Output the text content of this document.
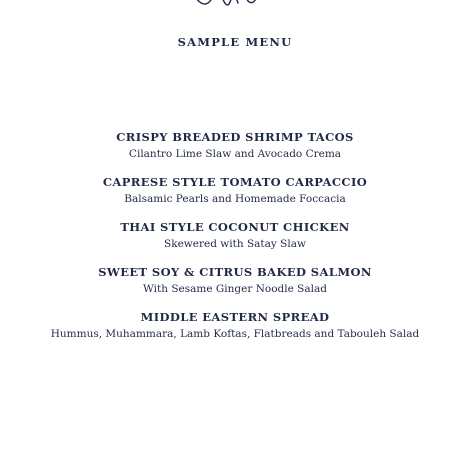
SAMPLE MENU
CRISPY BREADED SHRIMP TACOS
Cilantro Lime Slaw and Avocado Crema
CAPRESE STYLE TOMATO CARPACCIO
Balsamic Pearls and Homemade Foccacia
THAI STYLE COCONUT CHICKEN
Skewered with Satay Slaw
SWEET SOY & CITRUS BAKED SALMON
With Sesame Ginger Noodle Salad
MIDDLE EASTERN SPREAD
Hummus, Muhammara, Lamb Koftas, Flatbreads and Tabouleh Salad
